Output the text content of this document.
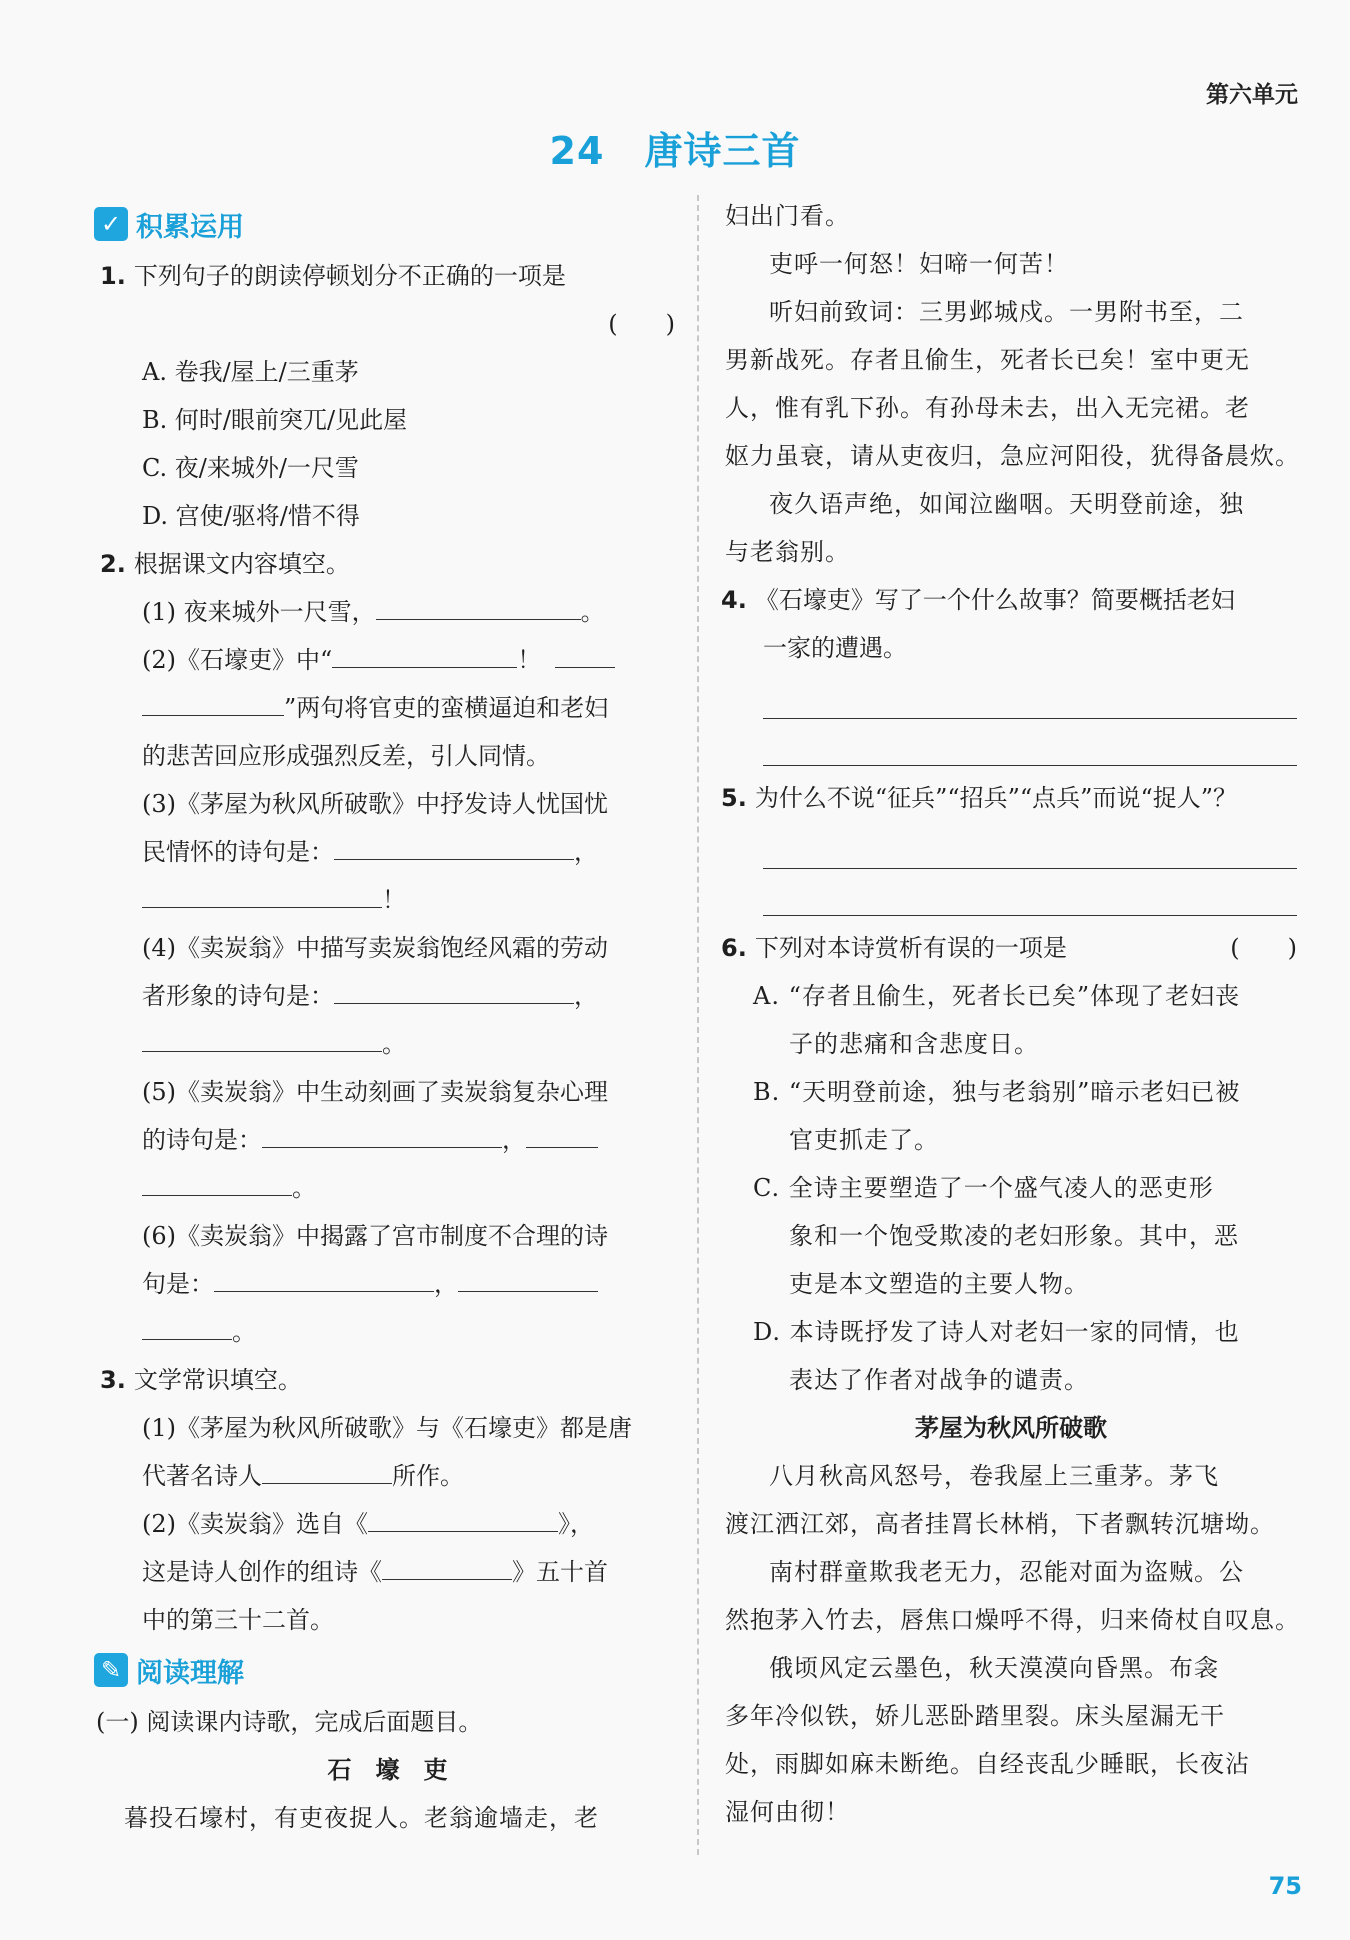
第六单元
24 唐诗三首
✓ 积累运用
1. 下列句子的朗读停顿划分不正确的一项是
(　　)
A. 卷我/屋上/三重茅
B. 何时/眼前突兀/见此屋
C. 夜/来城外/一尺雪
D. 宫使/驱将/惜不得
2. 根据课文内容填空。
(1) 夜来城外一尺雪，	。
(2)《石壕吏》中“	！
”两句将官吏的蛮横逼迫和老妇
的悲苦回应形成强烈反差，引人同情。
(3)《茅屋为秋风所破歌》中抒发诗人忧国忧
民情怀的诗句是：	，
！
(4)《卖炭翁》中描写卖炭翁饱经风霜的劳动
者形象的诗句是：	，
。
(5)《卖炭翁》中生动刻画了卖炭翁复杂心理
的诗句是：	，
。
(6)《卖炭翁》中揭露了宫市制度不合理的诗
句是：	，
。
3. 文学常识填空。
(1)《茅屋为秋风所破歌》与《石壕吏》都是唐
代著名诗人	所作。
(2)《卖炭翁》选自《	》，
这是诗人创作的组诗《	》五十首
中的第三十二首。
✎ 阅读理解
(一) 阅读课内诗歌，完成后面题目。
石　壕　吏
暮投石壕村，有吏夜捉人。老翁逾墙走，老
妇出门看。
吏呼一何怒！妇啼一何苦！
听妇前致词：三男邺城戍。一男附书至，二
男新战死。存者且偷生，死者长已矣！室中更无
人，惟有乳下孙。有孙母未去，出入无完裙。老
妪力虽衰，请从吏夜归，急应河阳役，犹得备晨炊。
夜久语声绝，如闻泣幽咽。天明登前途，独
与老翁别。
4. 《石壕吏》写了一个什么故事？简要概括老妇
一家的遭遇。
5. 为什么不说“征兵”“招兵”“点兵”而说“捉人”？
6. 下列对本诗赏析有误的一项是	(　　)
A. “存者且偷生，死者长已矣”体现了老妇丧
子的悲痛和含悲度日。
B. “天明登前途，独与老翁别”暗示老妇已被
官吏抓走了。
C. 全诗主要塑造了一个盛气凌人的恶吏形
象和一个饱受欺凌的老妇形象。其中，恶
吏是本文塑造的主要人物。
D. 本诗既抒发了诗人对老妇一家的同情，也
表达了作者对战争的谴责。
茅屋为秋风所破歌
八月秋高风怒号，卷我屋上三重茅。茅飞
渡江洒江郊，高者挂罥长林梢，下者飘转沉塘坳。
南村群童欺我老无力，忍能对面为盗贼。公
然抱茅入竹去，唇焦口燥呼不得，归来倚杖自叹息。
俄顷风定云墨色，秋天漠漠向昏黑。布衾
多年冷似铁，娇儿恶卧踏里裂。床头屋漏无干
处，雨脚如麻未断绝。自经丧乱少睡眠，长夜沾
湿何由彻！
75
